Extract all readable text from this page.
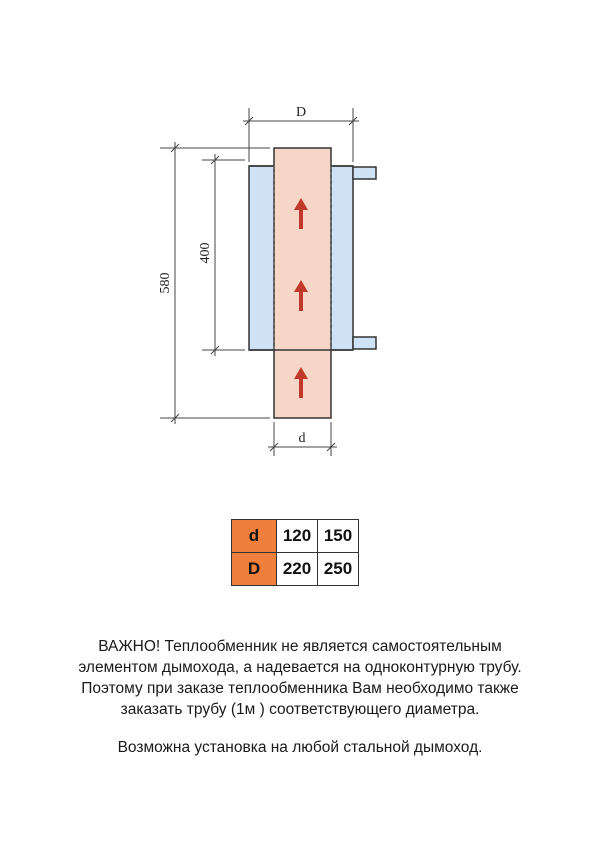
D
d
400
580
d	120	150
D	220	250
ВАЖНО! Теплообменник не является самостоятельным
элементом дымохода, а надевается на одноконтурную трубу.
Поэтому при заказе теплообменника Вам необходимо также
заказать трубу (1м ) соответствующего диаметра.
Возможна установка на любой стальной дымоход.
